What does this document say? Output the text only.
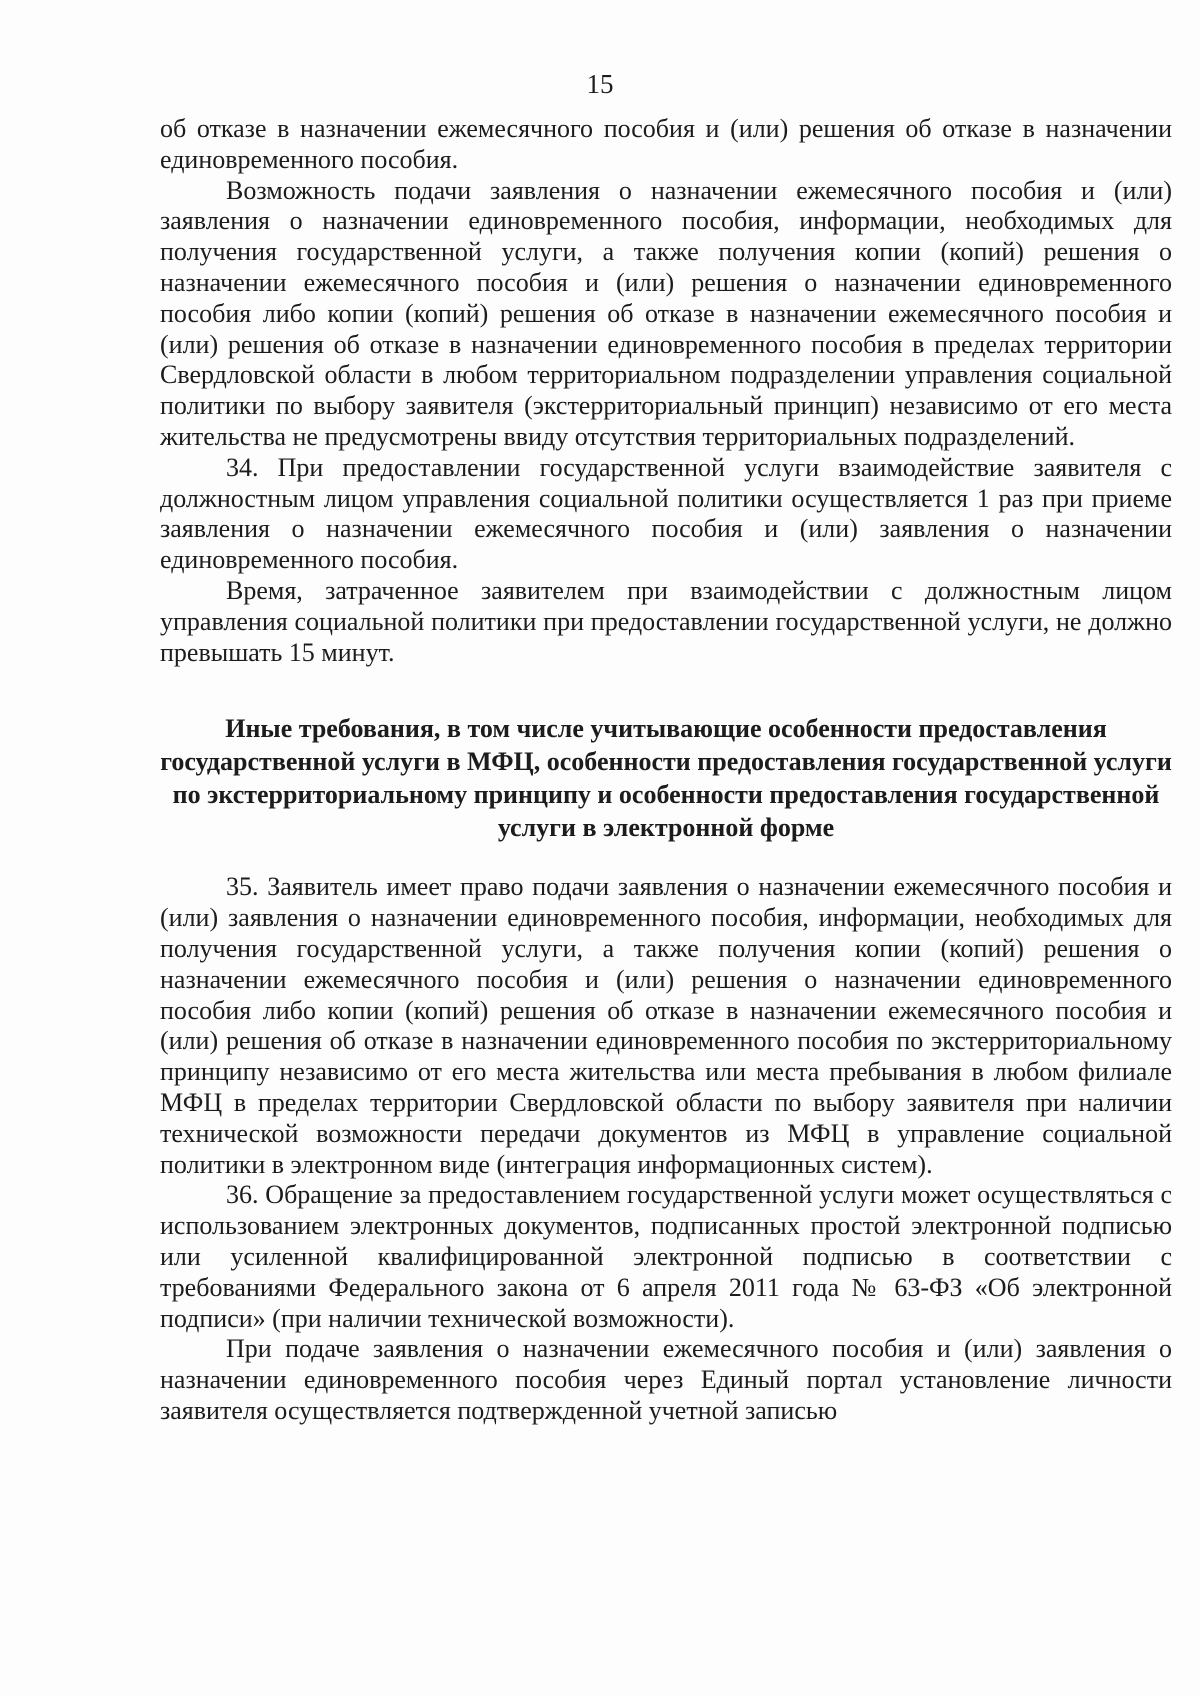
15

об отказе в назначении ежемесячного пособия и (или) решения об отказе в назначении единовременного пособия.

Возможность подачи заявления о назначении ежемесячного пособия и (или) заявления о назначении единовременного пособия, информации, необходимых для получения государственной услуги, а также получения копии (копий) решения о назначении ежемесячного пособия и (или) решения о назначении единовременного пособия либо копии (копий) решения об отказе в назначении ежемесячного пособия и (или) решения об отказе в назначении единовременного пособия в пределах территории Свердловской области в любом территориальном подразделении управления социальной политики по выбору заявителя (экстерриториальный принцип) независимо от его места жительства не предусмотрены ввиду отсутствия территориальных подразделений.

34. При предоставлении государственной услуги взаимодействие заявителя с должностным лицом управления социальной политики осуществляется 1 раз при приеме заявления о назначении ежемесячного пособия и (или) заявления о назначении единовременного пособия.

Время, затраченное заявителем при взаимодействии с должностным лицом управления социальной политики при предоставлении государственной услуги, не должно превышать 15 минут.

Иные требования, в том числе учитывающие особенности предоставления государственной услуги в МФЦ, особенности предоставления государственной услуги по экстерриториальному принципу и особенности предоставления государственной услуги в электронной форме

35. Заявитель имеет право подачи заявления о назначении ежемесячного пособия и (или) заявления о назначении единовременного пособия, информации, необходимых для получения государственной услуги, а также получения копии (копий) решения о назначении ежемесячного пособия и (или) решения о назначении единовременного пособия либо копии (копий) решения об отказе в назначении ежемесячного пособия и (или) решения об отказе в назначении единовременного пособия по экстерриториальному принципу независимо от его места жительства или места пребывания в любом филиале МФЦ в пределах территории Свердловской области по выбору заявителя при наличии технической возможности передачи документов из МФЦ в управление социальной политики в электронном виде (интеграция информационных систем).

36. Обращение за предоставлением государственной услуги может осуществляться с использованием электронных документов, подписанных простой электронной подписью или усиленной квалифицированной электронной подписью в соответствии с требованиями Федерального закона от 6 апреля 2011 года № 63-ФЗ «Об электронной подписи» (при наличии технической возможности).

При подаче заявления о назначении ежемесячного пособия и (или) заявления о назначении единовременного пособия через Единый портал установление личности заявителя осуществляется подтвержденной учетной записью
